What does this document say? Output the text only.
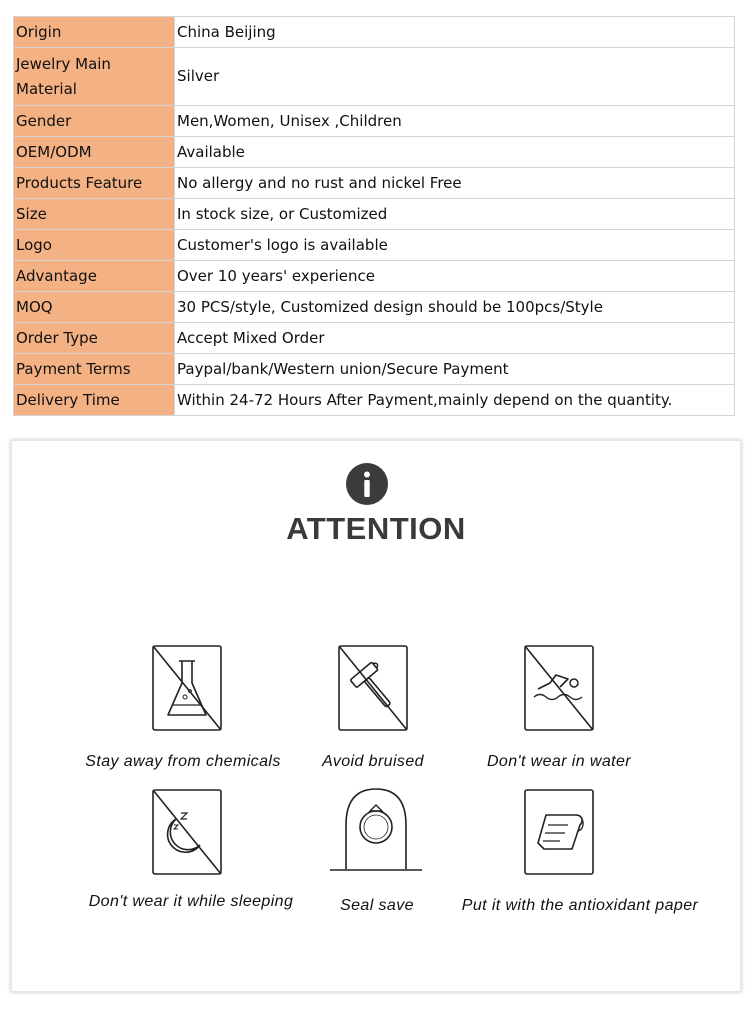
Origin	China Beijing
Jewelry Main Material	Silver
Gender	Men,Women, Unisex ,Children
OEM/ODM	Available
Products Feature	No allergy and no rust and nickel Free
Size	In stock size, or Customized
Logo	Customer's logo is available
Advantage	Over 10 years' experience
MOQ	30 PCS/style, Customized design should be 100pcs/Style
Order Type	Accept Mixed Order
Payment Terms	Paypal/bank/Western union/Secure Payment
Delivery Time	Within 24-72 Hours After Payment,mainly depend on the quantity.
ATTENTION
Stay away from chemicals	Avoid bruised	Don't wear in water
Don't wear it while sleeping	Seal save	Put it with the antioxidant paper
